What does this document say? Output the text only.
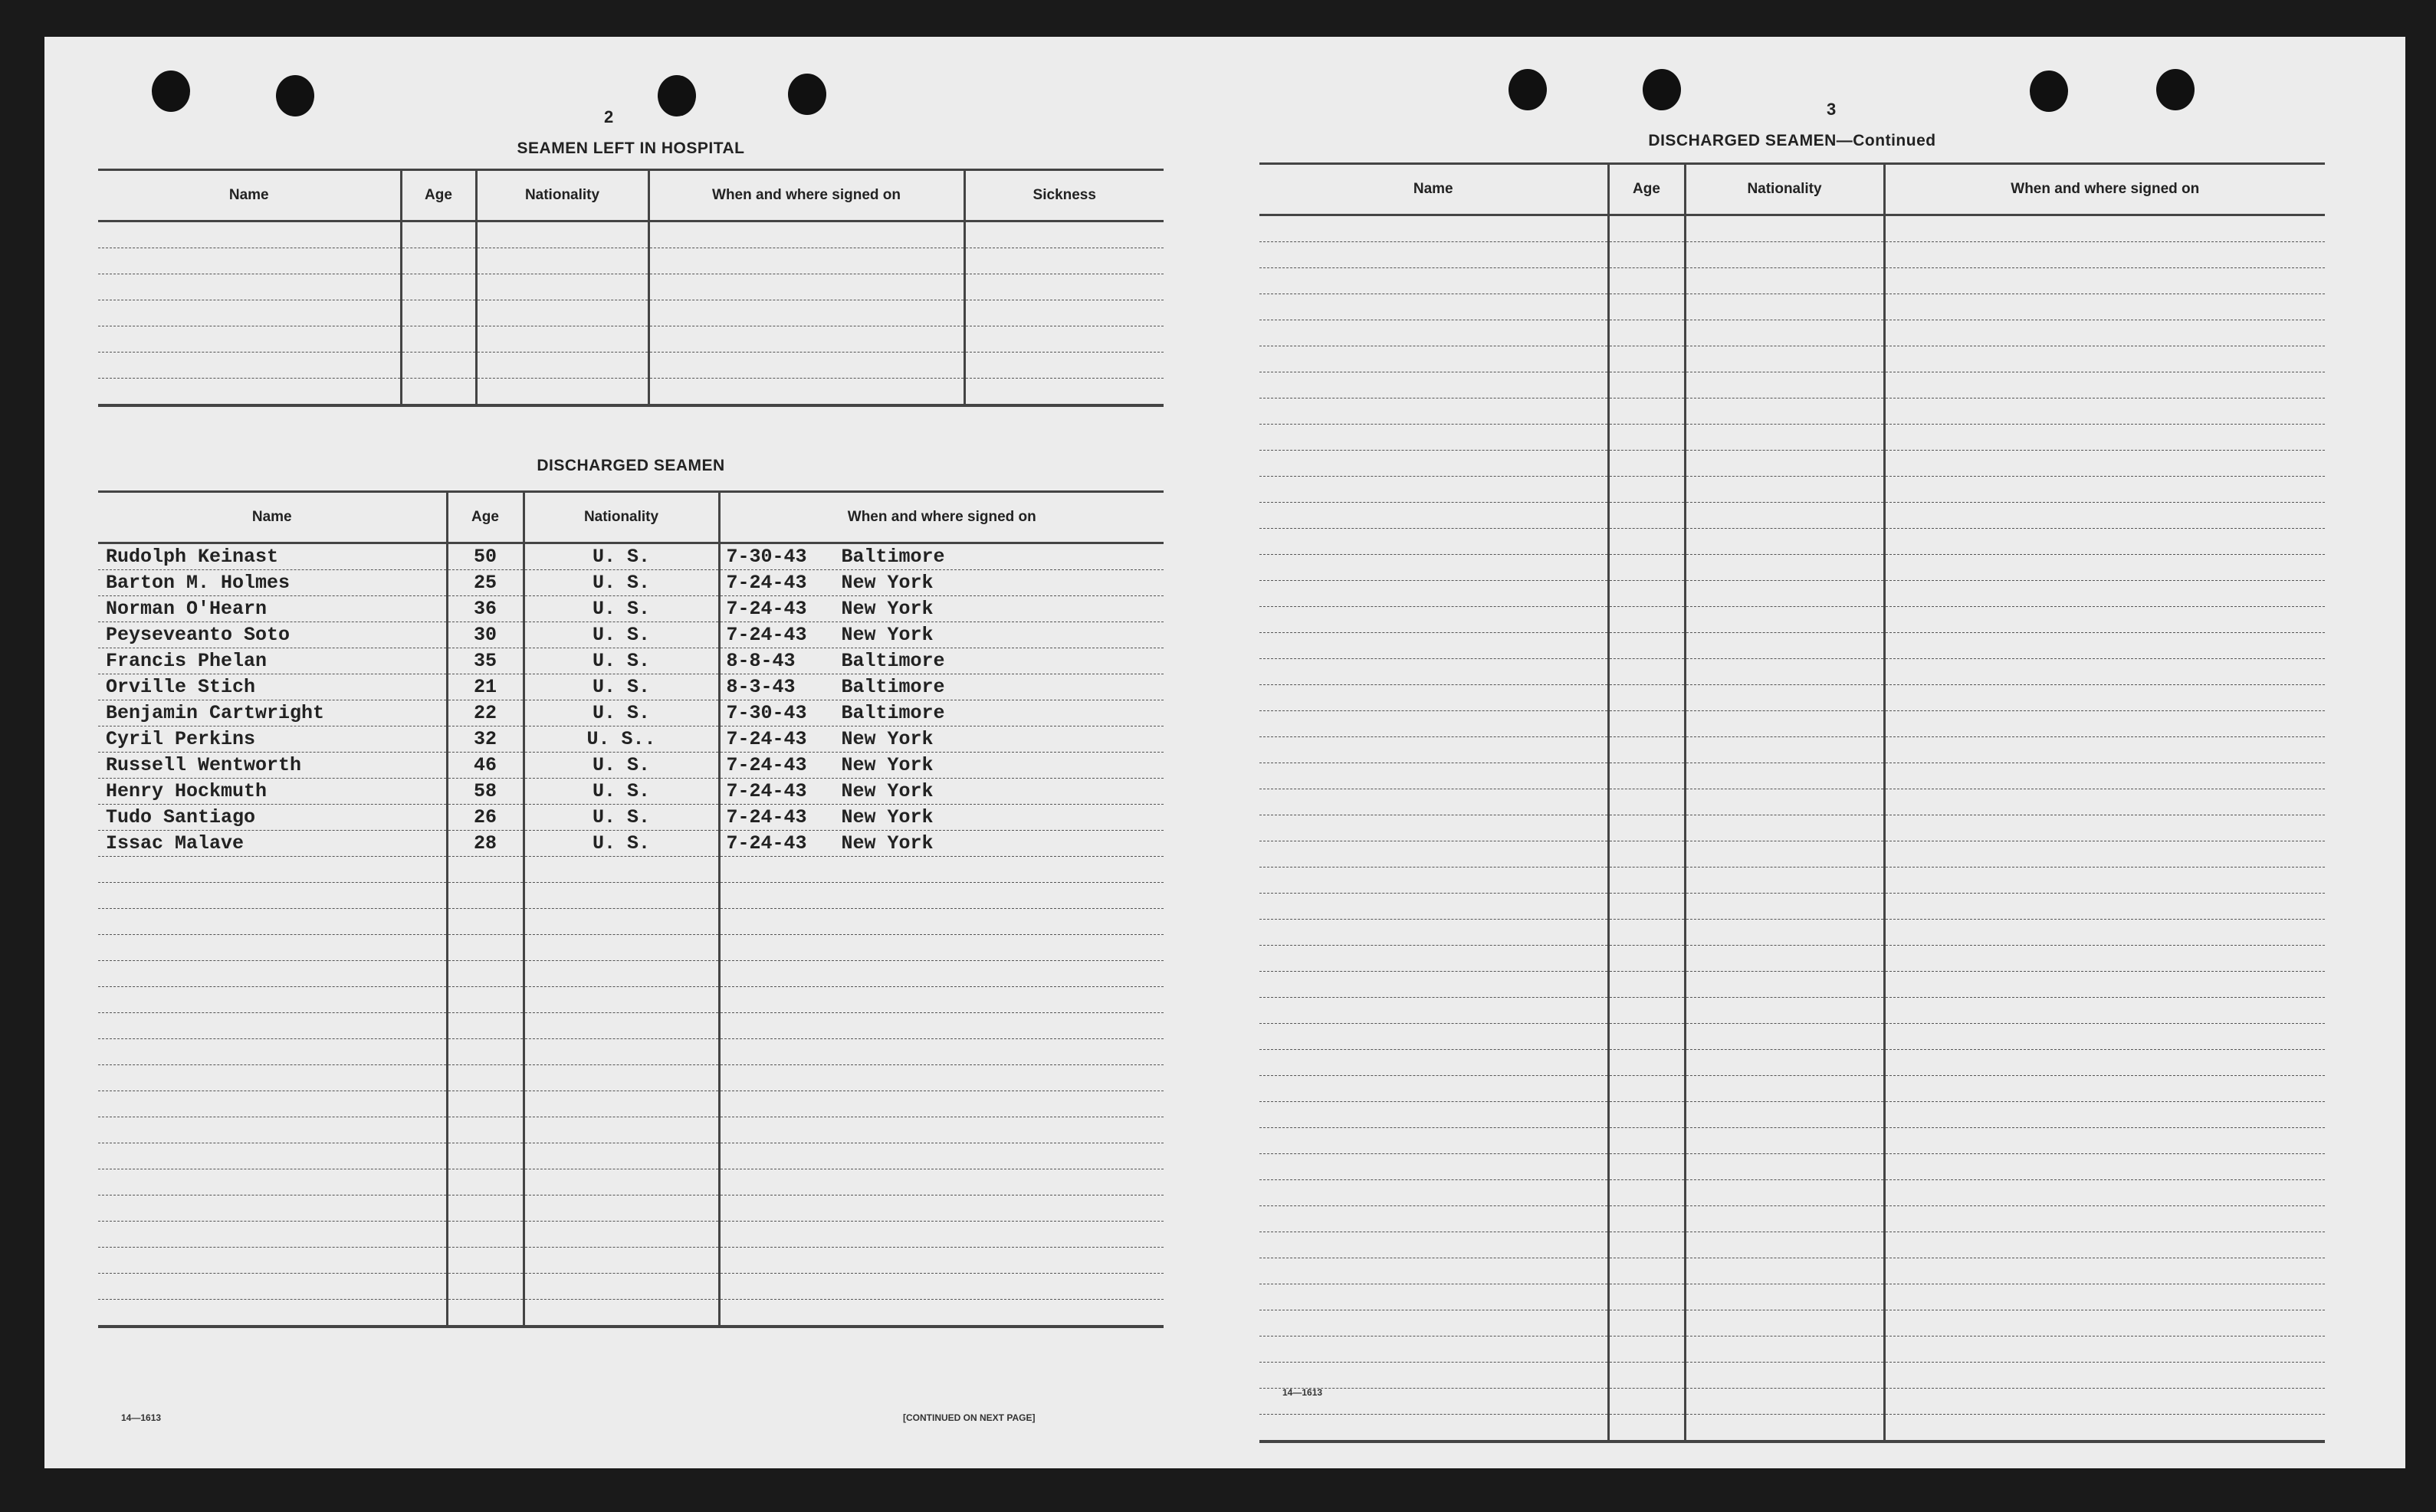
2
SEAMEN LEFT IN HOSPITAL
Name	Age	Nationality	When and where signed on	Sickness

DISCHARGED SEAMEN
Name	Age	Nationality	When and where signed on
Rudolph Keinast	50	U. S.	7-30-43 Baltimore
Barton M. Holmes	25	U. S.	7-24-43 New York
Norman O'Hearn	36	U. S.	7-24-43 New York
Peyseveanto Soto	30	U. S.	7-24-43 New York
Francis Phelan	35	U. S.	8-8-43 Baltimore
Orville Stich	21	U. S.	8-3-43 Baltimore
Benjamin Cartwright	22	U. S.	7-30-43 Baltimore
Cyril Perkins	32	U. S..	7-24-43 New York
Russell Wentworth	46	U. S.	7-24-43 New York
Henry Hockmuth	58	U. S.	7-24-43 New York
Tudo Santiago	26	U. S.	7-24-43 New York
Issac Malave	28	U. S.	7-24-43 New York

14—1613	[CONTINUED ON NEXT PAGE]
3
DISCHARGED SEAMEN—Continued
Name	Age	Nationality	When and where signed on

14—1613
